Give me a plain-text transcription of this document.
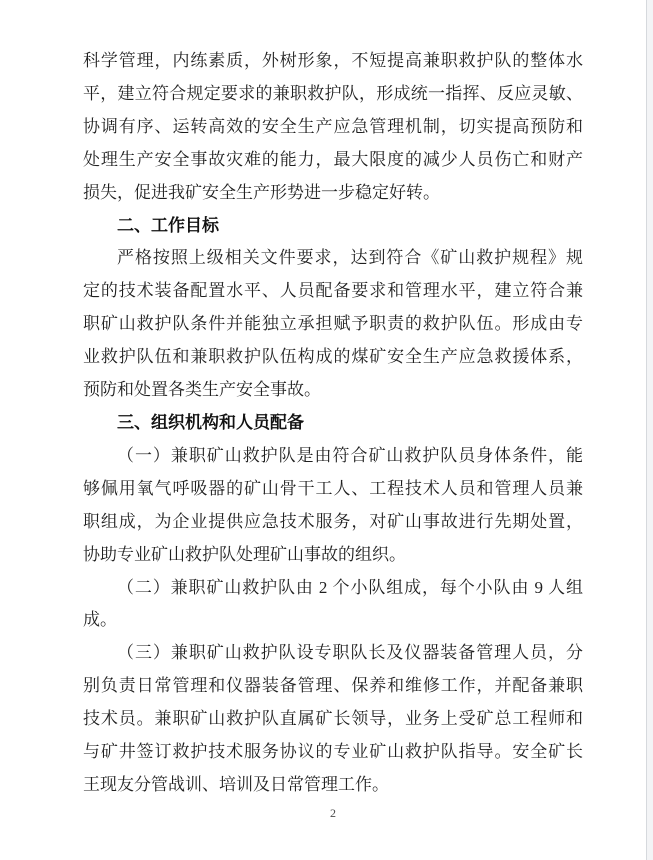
科学管理，内练素质，外树形象，不短提高兼职救护队的整体水
平，建立符合规定要求的兼职救护队，形成统一指挥、反应灵敏、
协调有序、运转高效的安全生产应急管理机制，切实提高预防和
处理生产安全事故灾难的能力，最大限度的减少人员伤亡和财产
损失，促进我矿安全生产形势进一步稳定好转。
二、工作目标
严格按照上级相关文件要求，达到符合《矿山救护规程》规
定的技术装备配置水平、人员配备要求和管理水平，建立符合兼
职矿山救护队条件并能独立承担赋予职责的救护队伍。形成由专
业救护队伍和兼职救护队伍构成的煤矿安全生产应急救援体系，
预防和处置各类生产安全事故。
三、组织机构和人员配备
（一）兼职矿山救护队是由符合矿山救护队员身体条件，能
够佩用氧气呼吸器的矿山骨干工人、工程技术人员和管理人员兼
职组成，为企业提供应急技术服务，对矿山事故进行先期处置，
协助专业矿山救护队处理矿山事故的组织。
（二）兼职矿山救护队由 2 个小队组成，每个小队由 9 人组
成。
（三）兼职矿山救护队设专职队长及仪器装备管理人员，分
别负责日常管理和仪器装备管理、保养和维修工作，并配备兼职
技术员。兼职矿山救护队直属矿长领导，业务上受矿总工程师和
与矿井签订救护技术服务协议的专业矿山救护队指导。安全矿长
王现友分管战训、培训及日常管理工作。
2
